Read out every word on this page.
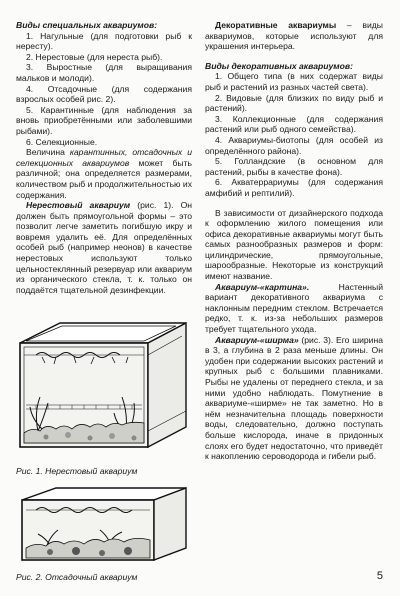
Виды специальных аквариумов:

1. Нагульные (для подготовки рыб к нересту).

2. Нерестовые (для нереста рыб).

3. Выростные (для выращивания мальков и молоди).

4. Отсадочные (для содержания взрослых особей рис. 2).

5. Карантинные (для наблюдения за вновь приобретёнными или заболевшими рыбами).

6. Селекционные.

Величина карантинных, отсадочных и селекционных аквариумов может быть различной; она определяется размерами, количеством рыб и продолжительностью их содержания.

Нерестовый аквариум (рис. 1). Он должен быть прямоугольной формы – это позволит легче заметить погибшую икру и вовремя удалить её. Для определённых особей рыб (например неонов) в качестве нерестовых используют только цельностеклянный резервуар или аквариум из органического стекла, т. к. только он поддаётся тщательной дезинфекции.

Рис. 1. Нерестовый аквариум

Рис. 2. Отсадочный аквариум

Декоративные аквариумы – виды аквариумов, которые используют для украшения интерьера.

Виды декоративных аквариумов:

1. Общего типа (в них содержат виды рыб и растений из разных частей света).

2. Видовые (для близких по виду рыб и растений).

3. Коллекционные (для содержания растений или рыб одного семейства).

4. Аквариумы-биотопы (для особей из определённого района).

5. Голландские (в основном для растений, рыбы в качестве фона).

6. Акватеррариумы (для содержания амфибий и рептилий).

В зависимости от дизайнерского подхода к оформлению жилого помещения или офиса декоративные аквариумы могут быть самых разнообразных размеров и форм: цилиндрические, прямоугольные, шарообразные. Некоторые из конструкций имеют название.

Аквариум-«картина». Настенный вариант декоративного аквариума с наклонным передним стеклом. Встречается редко, т. к. из-за небольших размеров требует тщательного ухода.

Аквариум-«ширма» (рис. 3). Его ширина в 3, а глубина в 2 раза меньше длины. Он удобен при содержании высоких растений и крупных рыб с большими плавниками. Рыбы не удалены от переднего стекла, и за ними удобно наблюдать. Помутнение в аквариуме-«ширме» не так заметно. Но в нём незначительна площадь поверхности воды, следовательно, должно поступать больше кислорода, иначе в придонных слоях его будет недостаточно, что приведёт к накоплению сероводорода и гибели рыб.

5
